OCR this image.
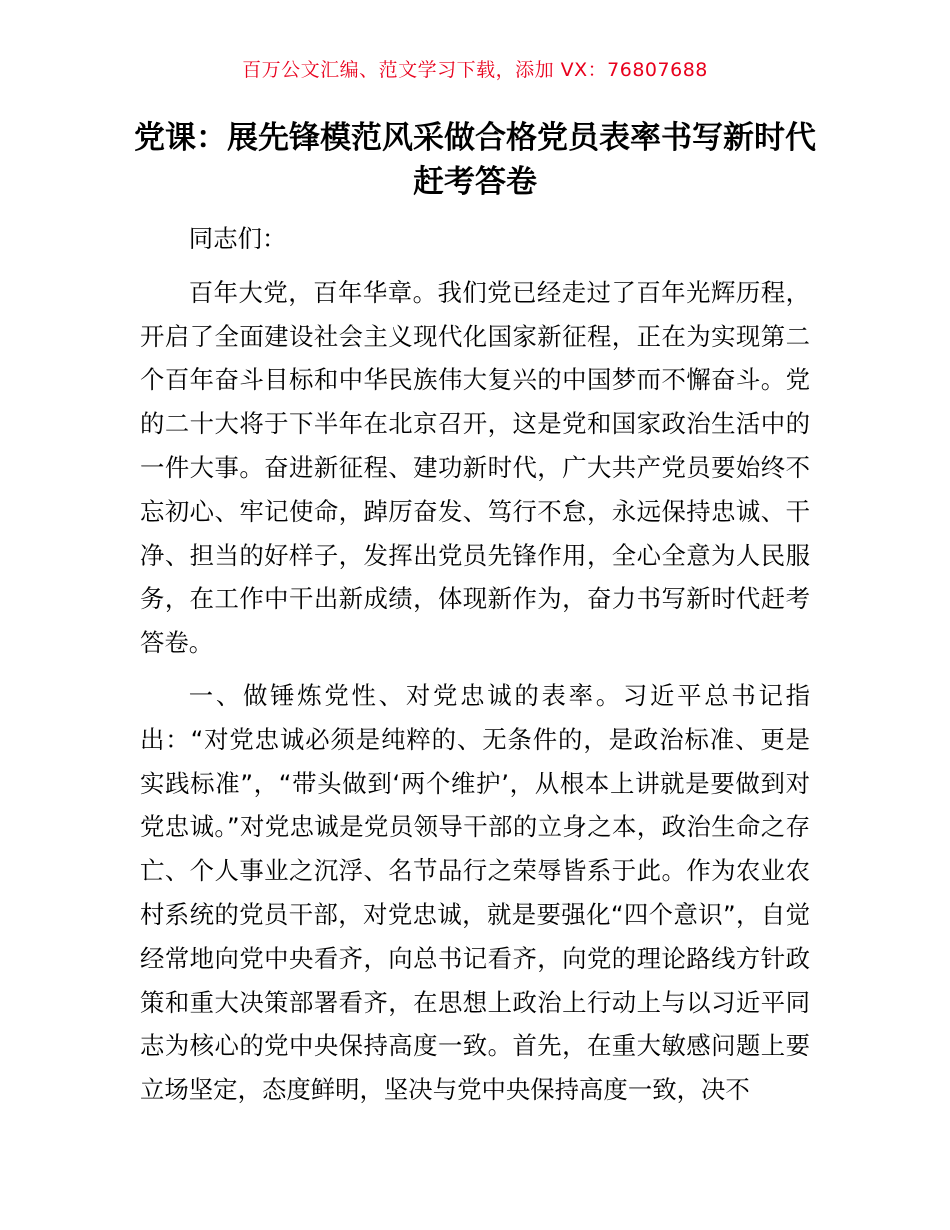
百万公文汇编、范文学习下载，添加 VX：76807688
党课：展先锋模范风采做合格党员表率书写新时代赶考答卷

同志们：

百年大党，百年华章。我们党已经走过了百年光辉历程，开启了全面建设社会主义现代化国家新征程，正在为实现第二个百年奋斗目标和中华民族伟大复兴的中国梦而不懈奋斗。党的二十大将于下半年在北京召开，这是党和国家政治生活中的一件大事。奋进新征程、建功新时代，广大共产党员要始终不忘初心、牢记使命，踔厉奋发、笃行不怠，永远保持忠诚、干净、担当的好样子，发挥出党员先锋作用，全心全意为人民服务，在工作中干出新成绩，体现新作为，奋力书写新时代赶考答卷。

一、做锤炼党性、对党忠诚的表率。习近平总书记指出：“对党忠诚必须是纯粹的、无条件的，是政治标准、更是实践标准”，“带头做到‘两个维护’，从根本上讲就是要做到对党忠诚。”对党忠诚是党员领导干部的立身之本，政治生命之存亡、个人事业之沉浮、名节品行之荣辱皆系于此。作为农业农村系统的党员干部，对党忠诚，就是要强化“四个意识”，自觉经常地向党中央看齐，向总书记看齐，向党的理论路线方针政策和重大决策部署看齐，在思想上政治上行动上与以习近平同志为核心的党中央保持高度一致。首先，在重大敏感问题上要立场坚定，态度鲜明，坚决与党中央保持高度一致，决不
